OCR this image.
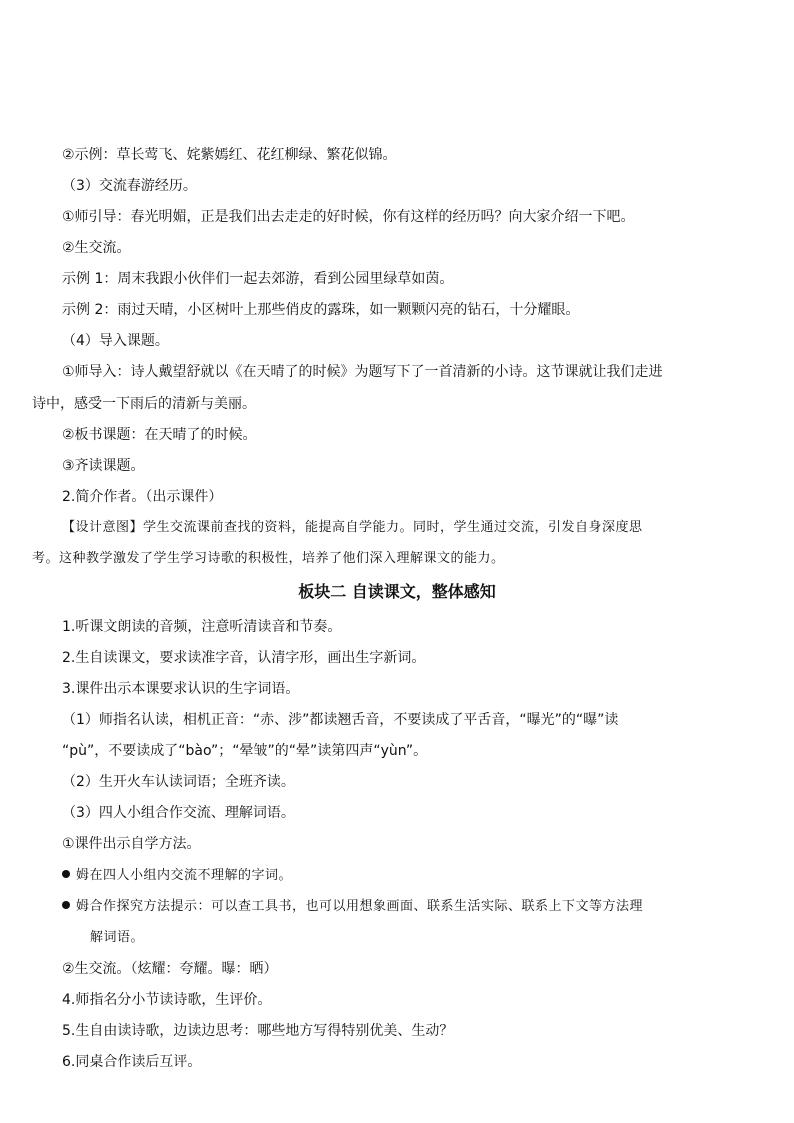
②示例：草长莺飞、姹紫嫣红、花红柳绿、繁花似锦。
（3）交流春游经历。
①师引导：春光明媚，正是我们出去走走的好时候，你有这样的经历吗？向大家介绍一下吧。
②生交流。
示例 1：周末我跟小伙伴们一起去郊游，看到公园里绿草如茵。
示例 2：雨过天晴，小区树叶上那些俏皮的露珠，如一颗颗闪亮的钻石，十分耀眼。
（4）导入课题。
①师导入：诗人戴望舒就以《在天晴了的时候》为题写下了一首清新的小诗。这节课就让我们走进
诗中，感受一下雨后的清新与美丽。
②板书课题：在天晴了的时候。
③齐读课题。
2.简介作者。（出示课件）
【设计意图】学生交流课前查找的资料，能提高自学能力。同时，学生通过交流，引发自身深度思
考。这种教学激发了学生学习诗歌的积极性，培养了他们深入理解课文的能力。
板块二 自读课文，整体感知
1.听课文朗读的音频，注意听清读音和节奏。
2.生自读课文，要求读准字音，认清字形，画出生字新词。
3.课件出示本课要求认识的生字词语。
（1）师指名认读，相机正音：“赤、涉”都读翘舌音，不要读成了平舌音，“曝光”的“曝”读
“pù”，不要读成了“bào”；“晕皱”的“晕”读第四声“yùn”。
（2）生开火车认读词语；全班齐读。
（3）四人小组合作交流、理解词语。
①课件出示自学方法。
姆在四人小组内交流不理解的字词。
姆合作探究方法提示：可以查工具书，也可以用想象画面、联系生活实际、联系上下文等方法理
解词语。
②生交流。（炫耀：夸耀。曝：晒）
4.师指名分小节读诗歌，生评价。
5.生自由读诗歌，边读边思考：哪些地方写得特别优美、生动？
6.同桌合作读后互评。
